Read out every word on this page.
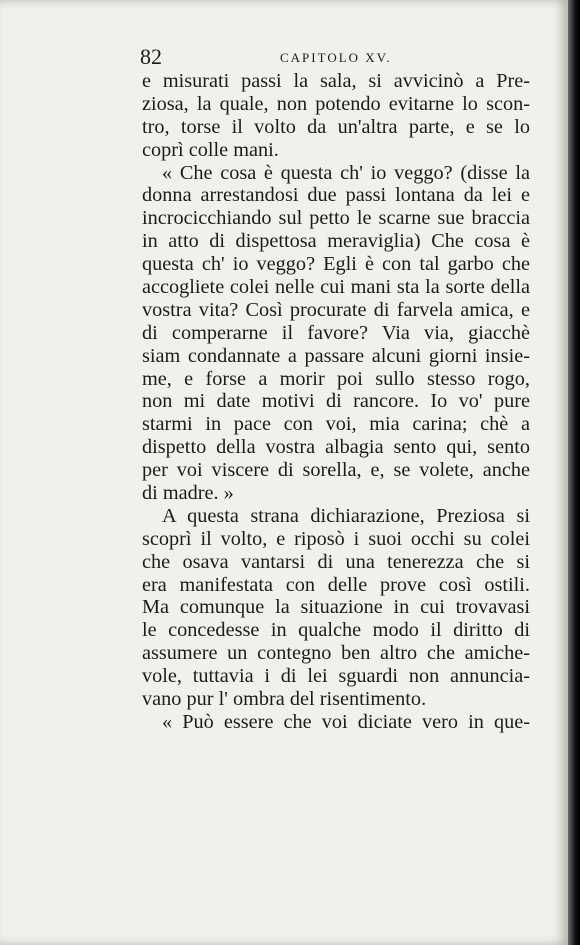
82	CAPITOLO XV.
e misurati passi la sala, si avvicinò a Pre-
ziosa, la quale, non potendo evitarne lo scon-
tro, torse il volto da un'altra parte, e se lo
coprì colle mani.
« Che cosa è questa ch' io veggo? (disse la
donna arrestandosi due passi lontana da lei e
incrocicchiando sul petto le scarne sue braccia
in atto di dispettosa meraviglia) Che cosa è
questa ch' io veggo? Egli è con tal garbo che
accogliete colei nelle cui mani sta la sorte della
vostra vita? Così procurate di farvela amica, e
di comperarne il favore? Via via, giacchè
siam condannate a passare alcuni giorni insie-
me, e forse a morir poi sullo stesso rogo,
non mi date motivi di rancore. Io vo' pure
starmi in pace con voi, mia carina; chè a
dispetto della vostra albagia sento qui, sento
per voi viscere di sorella, e, se volete, anche
di madre. »
A questa strana dichiarazione, Preziosa si
scoprì il volto, e riposò i suoi occhi su colei
che osava vantarsi di una tenerezza che si
era manifestata con delle prove così ostili.
Ma comunque la situazione in cui trovavasi
le concedesse in qualche modo il diritto di
assumere un contegno ben altro che amiche-
vole, tuttavia i di lei sguardi non annuncia-
vano pur l' ombra del risentimento.
« Può essere che voi diciate vero in que-
